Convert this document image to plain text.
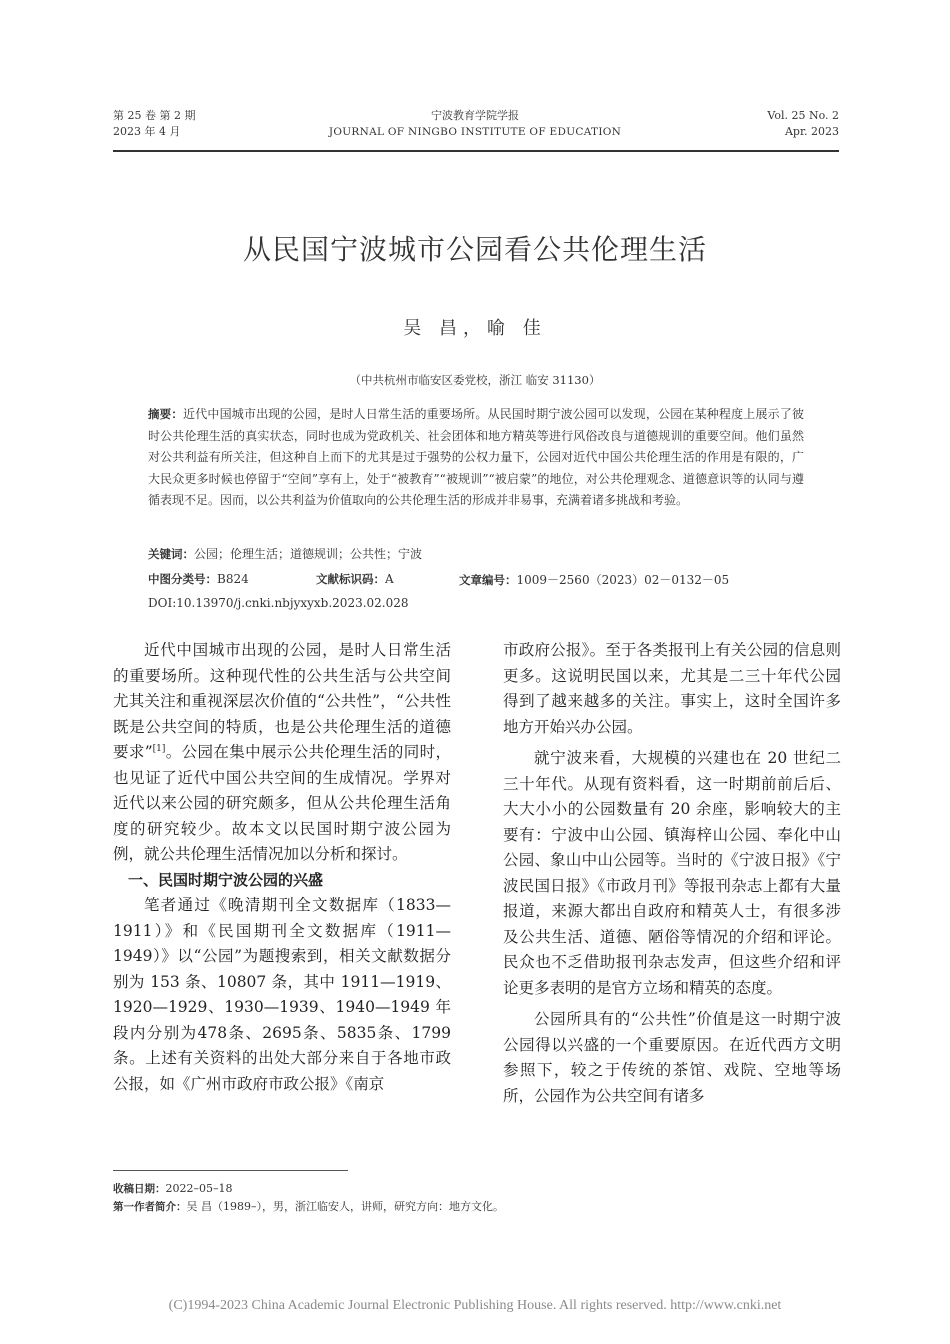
第 25 卷 第 2 期
2023 年 4 月
宁波教育学院学报
JOURNAL OF NINGBO INSTITUTE OF EDUCATION
Vol. 25 No. 2
Apr. 2023
从民国宁波城市公园看公共伦理生活
吴 昌，喻 佳
（中共杭州市临安区委党校，浙江 临安 31130）
摘要：近代中国城市出现的公园，是时人日常生活的重要场所。从民国时期宁波公园可以发现，公园在某种程度上展示了彼时公共伦理生活的真实状态，同时也成为党政机关、社会团体和地方精英等进行风俗改良与道德规训的重要空间。他们虽然对公共利益有所关注，但这种自上而下的尤其是过于强势的公权力量下，公园对近代中国公共伦理生活的作用是有限的，广大民众更多时候也停留于“空间”享有上，处于“被教育”“被规训”“被启蒙”的地位，对公共伦理观念、道德意识等的认同与遵循表现不足。因而，以公共利益为价值取向的公共伦理生活的形成并非易事，充满着诸多挑战和考验。
关键词：公园；伦理生活；道德规训；公共性；宁波
中图分类号：B824	文献标识码：A	文章编号：1009－2560（2023）02－0132－05
DOI:10.13970/j.cnki.nbjyxyxb.2023.02.028

近代中国城市出现的公园，是时人日常生活的重要场所。这种现代性的公共生活与公共空间尤其关注和重视深层次价值的“公共性”，“公共性既是公共空间的特质，也是公共伦理生活的道德要求”[1]。公园在集中展示公共伦理生活的同时，也见证了近代中国公共空间的生成情况。学界对近代以来公园的研究颇多，但从公共伦理生活角度的研究较少。故本文以民国时期宁波公园为例，就公共伦理生活情况加以分析和探讨。

一、民国时期宁波公园的兴盛

笔者通过《晚清期刊全文数据库（1833—1911）》和《民国期刊全文数据库（1911—1949）》以“公园”为题搜索到，相关文献数据分别为 153 条、10807 条，其中 1911—1919、1920—1929、1930—1939、1940—1949 年段内分别为478条、2695条、5835条、1799条。上述有关资料的出处大部分来自于各地市政公报，如《广州市政府市政公报》《南京

市政府公报》。至于各类报刊上有关公园的信息则更多。这说明民国以来，尤其是二三十年代公园得到了越来越多的关注。事实上，这时全国许多地方开始兴办公园。

就宁波来看，大规模的兴建也在 20 世纪二三十年代。从现有资料看，这一时期前前后后、大大小小的公园数量有 20 余座，影响较大的主要有：宁波中山公园、镇海梓山公园、奉化中山公园、象山中山公园等。当时的《宁波日报》《宁波民国日报》《市政月刊》等报刊杂志上都有大量报道，来源大都出自政府和精英人士，有很多涉及公共生活、道德、陋俗等情况的介绍和评论。民众也不乏借助报刊杂志发声，但这些介绍和评论更多表明的是官方立场和精英的态度。

公园所具有的“公共性”价值是这一时期宁波公园得以兴盛的一个重要原因。在近代西方文明参照下，较之于传统的茶馆、戏院、空地等场所，公园作为公共空间有诸多

收稿日期：2022–05–18
第一作者简介：吴 昌（1989–），男，浙江临安人，讲师，研究方向：地方文化。
(C)1994-2023 China Academic Journal Electronic Publishing House. All rights reserved. http://www.cnki.net
